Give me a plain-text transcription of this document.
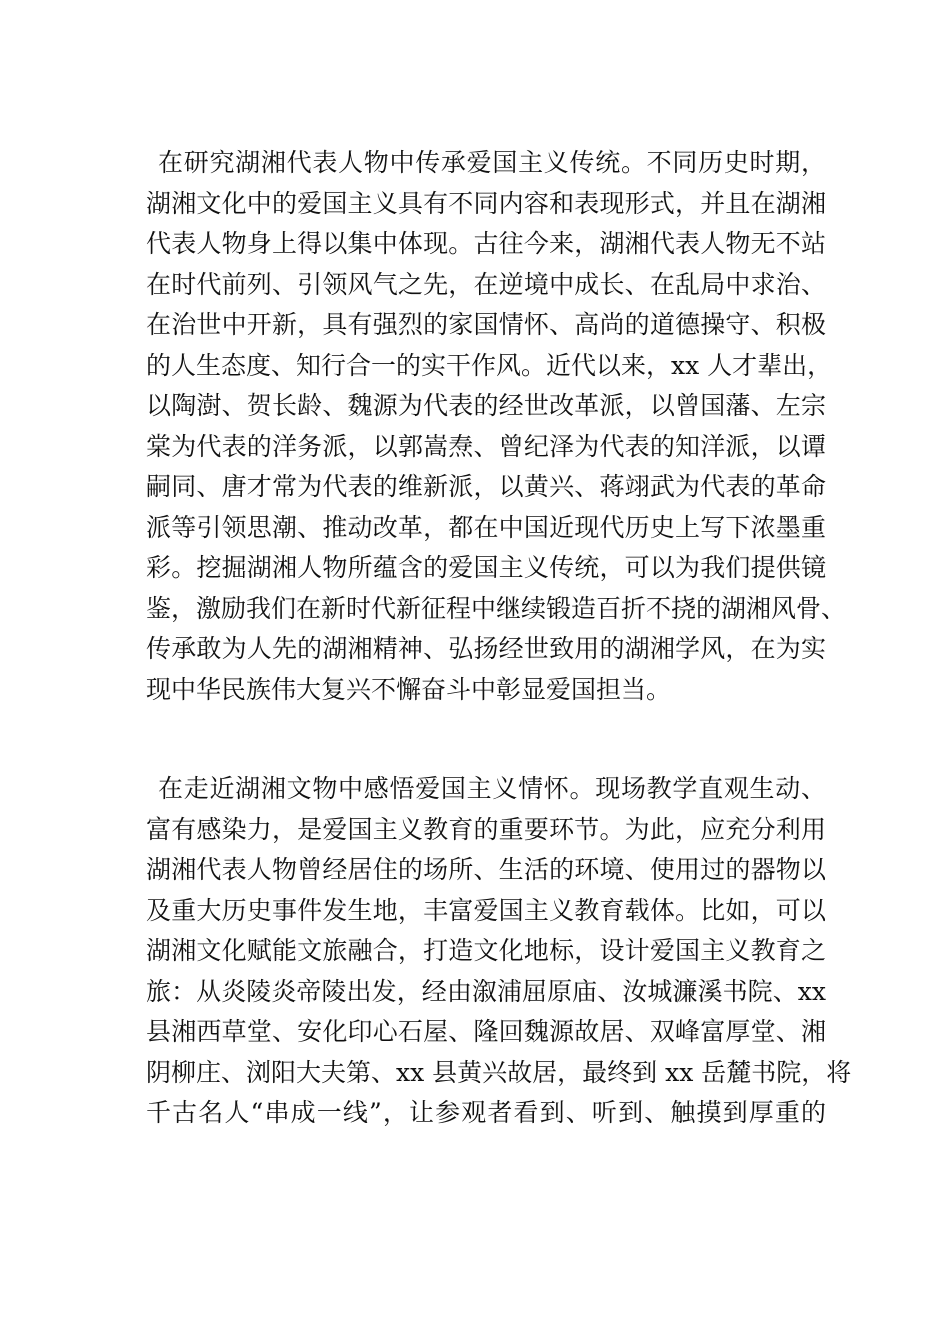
在研究湖湘代表人物中传承爱国主义传统。不同历史时期，
湖湘文化中的爱国主义具有不同内容和表现形式，并且在湖湘
代表人物身上得以集中体现。古往今来，湖湘代表人物无不站
在时代前列、引领风气之先，在逆境中成长、在乱局中求治、
在治世中开新，具有强烈的家国情怀、高尚的道德操守、积极
的人生态度、知行合一的实干作风。近代以来，xx 人才辈出，
以陶澍、贺长龄、魏源为代表的经世改革派，以曾国藩、左宗
棠为代表的洋务派，以郭嵩焘、曾纪泽为代表的知洋派，以谭
嗣同、唐才常为代表的维新派，以黄兴、蒋翊武为代表的革命
派等引领思潮、推动改革，都在中国近现代历史上写下浓墨重
彩。挖掘湖湘人物所蕴含的爱国主义传统，可以为我们提供镜
鉴，激励我们在新时代新征程中继续锻造百折不挠的湖湘风骨、
传承敢为人先的湖湘精神、弘扬经世致用的湖湘学风，在为实
现中华民族伟大复兴不懈奋斗中彰显爱国担当。
在走近湖湘文物中感悟爱国主义情怀。现场教学直观生动、
富有感染力，是爱国主义教育的重要环节。为此，应充分利用
湖湘代表人物曾经居住的场所、生活的环境、使用过的器物以
及重大历史事件发生地，丰富爱国主义教育载体。比如，可以
湖湘文化赋能文旅融合，打造文化地标，设计爱国主义教育之
旅：从炎陵炎帝陵出发，经由溆浦屈原庙、汝城濂溪书院、xx
县湘西草堂、安化印心石屋、隆回魏源故居、双峰富厚堂、湘
阴柳庄、浏阳大夫第、xx 县黄兴故居，最终到 xx 岳麓书院，将
千古名人“串成一线”，让参观者看到、听到、触摸到厚重的
